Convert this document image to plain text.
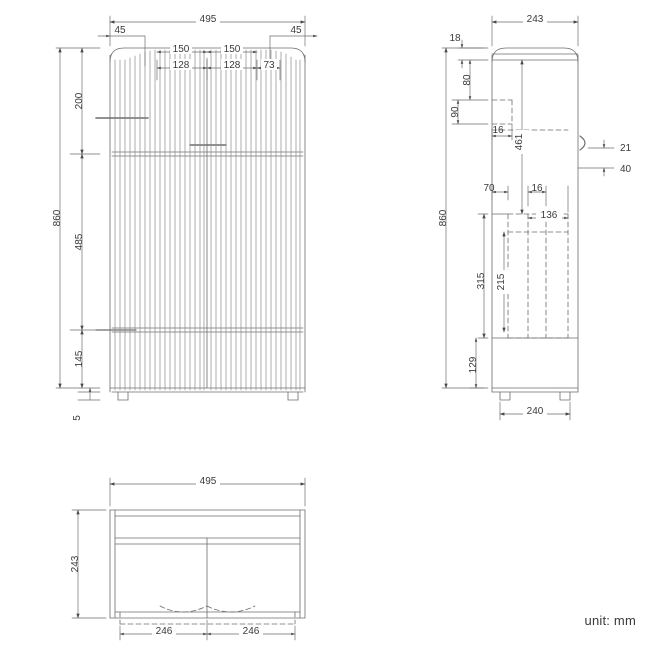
495
45	45
150	150
128	128 73
200
485
145
5
860
243
18
80
90
16
461	21
40
70	16
136
315 215
129
860
240
495
243
246	246
unit: mm
